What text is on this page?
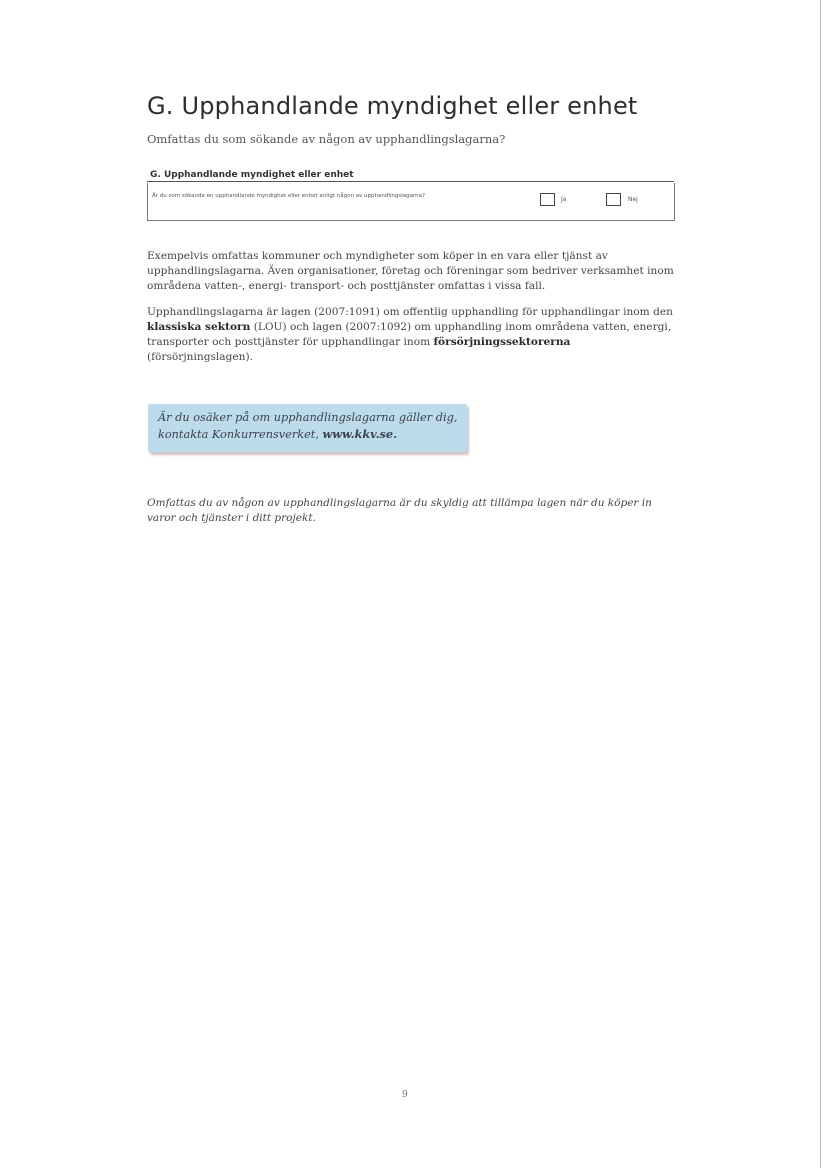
G. Upphandlande myndighet eller enhet

Omfattas du som sökande av någon av upphandlingslagarna?

G. Upphandlande myndighet eller enhet

Är du som sökande en upphandlande myndighet eller enhet enligt någon av upphandlingslagarna?	Ja	Nej

Exempelvis omfattas kommuner och myndigheter som köper in en vara eller tjänst av upphandlingslagarna. Även organisationer, företag och föreningar som bedriver verksamhet inom områdena vatten-, energi- transport- och posttjänster omfattas i vissa fall.

Upphandlingslagarna är lagen (2007:1091) om offentlig upphandling för upphandlingar inom den klassiska sektorn (LOU) och lagen (2007:1092) om upphandling inom områdena vatten, energi, transporter och posttjänster för upphandlingar inom försörjningssektorerna (försörjningslagen).

Är du osäker på om upphandlingslagarna gäller dig, kontakta Konkurrensverket, www.kkv.se.

Omfattas du av någon av upphandlingslagarna är du skyldig att tillämpa lagen när du köper in varor och tjänster i ditt projekt.

9
